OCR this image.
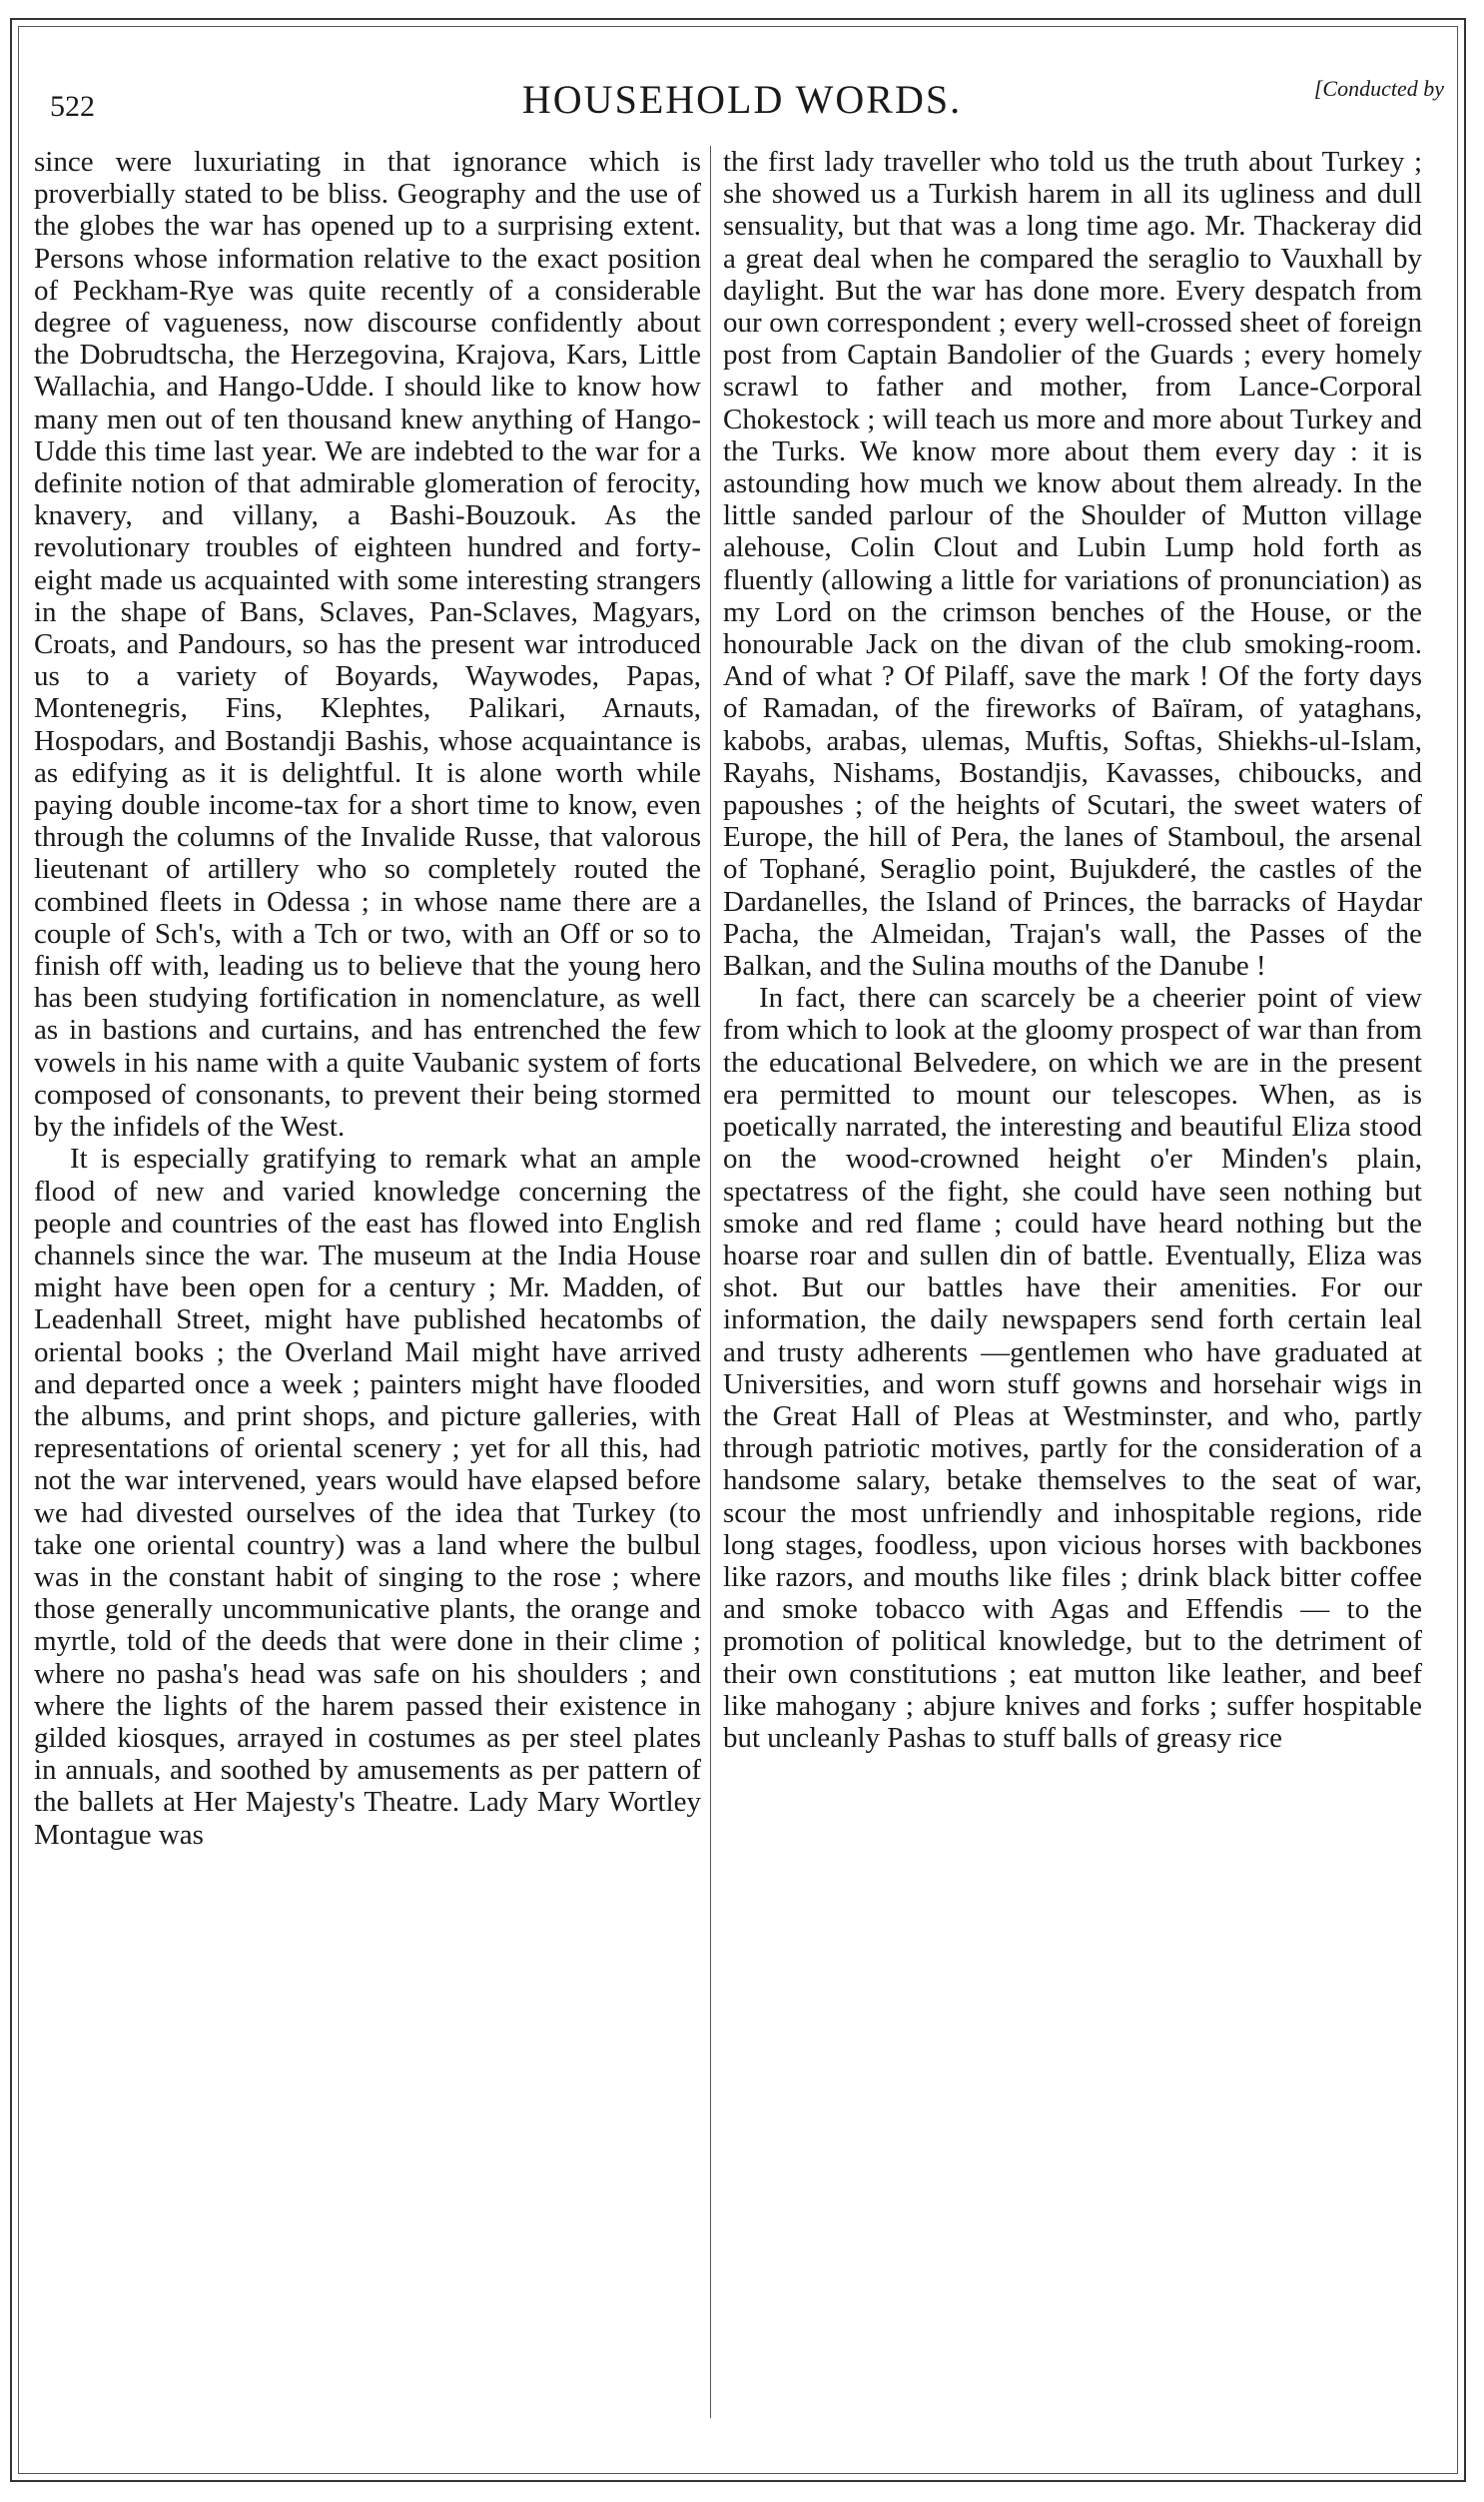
522	HOUSEHOLD WORDS.	[Conducted by

since were luxuriating in that ignorance which is proverbially stated to be bliss. Geography and the use of the globes the war has opened up to a surprising extent. Persons whose information relative to the exact position of Peckham-Rye was quite recently of a considerable degree of vagueness, now discourse confidently about the Dobrudtscha, the Herzegovina, Krajova, Kars, Little Wallachia, and Hango-Udde. I should like to know how many men out of ten thousand knew anything of Hango-Udde this time last year. We are indebted to the war for a definite notion of that admirable glomeration of ferocity, knavery, and villany, a Bashi-Bouzouk. As the revolutionary troubles of eighteen hundred and forty-eight made us acquainted with some interesting strangers in the shape of Bans, Sclaves, Pan-Sclaves, Magyars, Croats, and Pandours, so has the present war introduced us to a variety of Boyards, Waywodes, Papas, Montenegris, Fins, Klephtes, Palikari, Arnauts, Hospodars, and Bostandji Bashis, whose acquaintance is as edifying as it is delightful. It is alone worth while paying double income-tax for a short time to know, even through the columns of the Invalide Russe, that valorous lieutenant of artillery who so completely routed the combined fleets in Odessa ; in whose name there are a couple of Sch's, with a Tch or two, with an Off or so to finish off with, leading us to believe that the young hero has been studying fortification in nomenclature, as well as in bastions and curtains, and has entrenched the few vowels in his name with a quite Vaubanic system of forts composed of consonants, to prevent their being stormed by the infidels of the West.

It is especially gratifying to remark what an ample flood of new and varied knowledge concerning the people and countries of the east has flowed into English channels since the war. The museum at the India House might have been open for a century ; Mr. Madden, of Leadenhall Street, might have published hecatombs of oriental books ; the Overland Mail might have arrived and departed once a week ; painters might have flooded the albums, and print shops, and picture galleries, with representations of oriental scenery ; yet for all this, had not the war intervened, years would have elapsed before we had divested ourselves of the idea that Turkey (to take one oriental country) was a land where the bulbul was in the constant habit of singing to the rose ; where those generally uncommunicative plants, the orange and myrtle, told of the deeds that were done in their clime ; where no pasha's head was safe on his shoulders ; and where the lights of the harem passed their existence in gilded kiosques, arrayed in costumes as per steel plates in annuals, and soothed by amusements as per pattern of the ballets at Her Majesty's Theatre. Lady Mary Wortley Montague was

the first lady traveller who told us the truth about Turkey ; she showed us a Turkish harem in all its ugliness and dull sensuality, but that was a long time ago. Mr. Thackeray did a great deal when he compared the seraglio to Vauxhall by daylight. But the war has done more. Every despatch from our own correspondent ; every well-crossed sheet of foreign post from Captain Bandolier of the Guards ; every homely scrawl to father and mother, from Lance-Corporal Chokestock ; will teach us more and more about Turkey and the Turks. We know more about them every day : it is astounding how much we know about them already. In the little sanded parlour of the Shoulder of Mutton village alehouse, Colin Clout and Lubin Lump hold forth as fluently (allowing a little for variations of pronunciation) as my Lord on the crimson benches of the House, or the honourable Jack on the divan of the club smoking-room. And of what ? Of Pilaff, save the mark ! Of the forty days of Ramadan, of the fireworks of Baïram, of yataghans, kabobs, arabas, ulemas, Muftis, Softas, Shiekhs-ul-Islam, Rayahs, Nishams, Bostandjis, Kavasses, chiboucks, and papoushes ; of the heights of Scutari, the sweet waters of Europe, the hill of Pera, the lanes of Stamboul, the arsenal of Tophané, Seraglio point, Bujukderé, the castles of the Dardanelles, the Island of Princes, the barracks of Haydar Pacha, the Almeidan, Trajan's wall, the Passes of the Balkan, and the Sulina mouths of the Danube !

In fact, there can scarcely be a cheerier point of view from which to look at the gloomy prospect of war than from the educational Belvedere, on which we are in the present era permitted to mount our telescopes. When, as is poetically narrated, the interesting and beautiful Eliza stood on the wood-crowned height o'er Minden's plain, spectatress of the fight, she could have seen nothing but smoke and red flame ; could have heard nothing but the hoarse roar and sullen din of battle. Eventually, Eliza was shot. But our battles have their amenities. For our information, the daily newspapers send forth certain leal and trusty adherents —gentlemen who have graduated at Universities, and worn stuff gowns and horsehair wigs in the Great Hall of Pleas at Westminster, and who, partly through patriotic motives, partly for the consideration of a handsome salary, betake themselves to the seat of war, scour the most unfriendly and inhospitable regions, ride long stages, foodless, upon vicious horses with backbones like razors, and mouths like files ; drink black bitter coffee and smoke tobacco with Agas and Effendis — to the promotion of political knowledge, but to the detriment of their own constitutions ; eat mutton like leather, and beef like mahogany ; abjure knives and forks ; suffer hospitable but uncleanly Pashas to stuff balls of greasy rice
